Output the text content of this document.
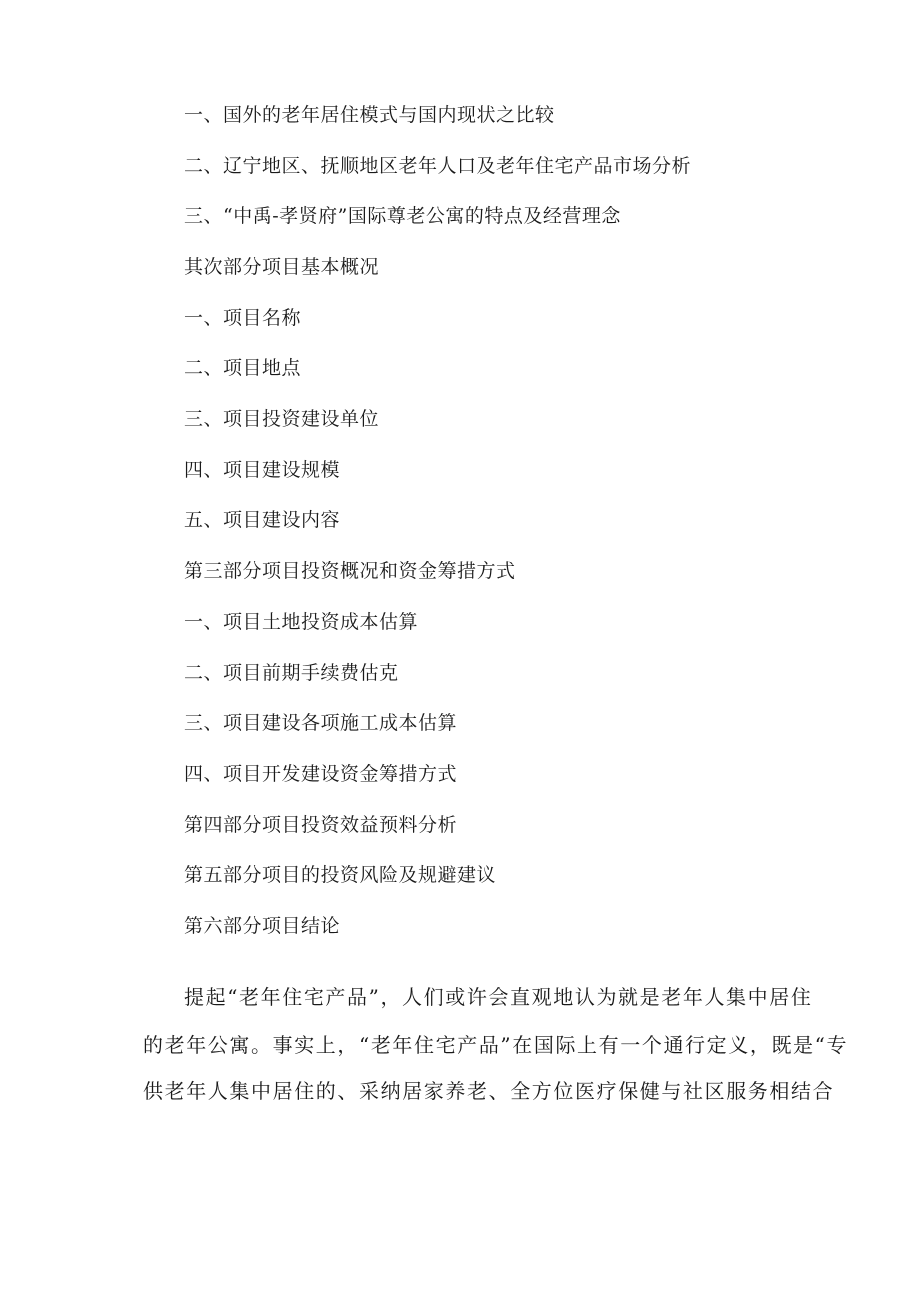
一、国外的老年居住模式与国内现状之比较
二、辽宁地区、抚顺地区老年人口及老年住宅产品市场分析
三、“中禹-孝贤府”国际尊老公寓的特点及经营理念
其次部分项目基本概况
一、项目名称
二、项目地点
三、项目投资建设单位
四、项目建设规模
五、项目建设内容
第三部分项目投资概况和资金筹措方式
一、项目土地投资成本估算
二、项目前期手续费估克
三、项目建设各项施工成本估算
四、项目开发建设资金筹措方式
第四部分项目投资效益预料分析
第五部分项目的投资风险及规避建议
第六部分项目结论
提起“老年住宅产品”，人们或许会直观地认为就是老年人集中居住
的老年公寓。事实上，“老年住宅产品”在国际上有一个通行定义，既是“专
供老年人集中居住的、采纳居家养老、全方位医疗保健与社区服务相结合
